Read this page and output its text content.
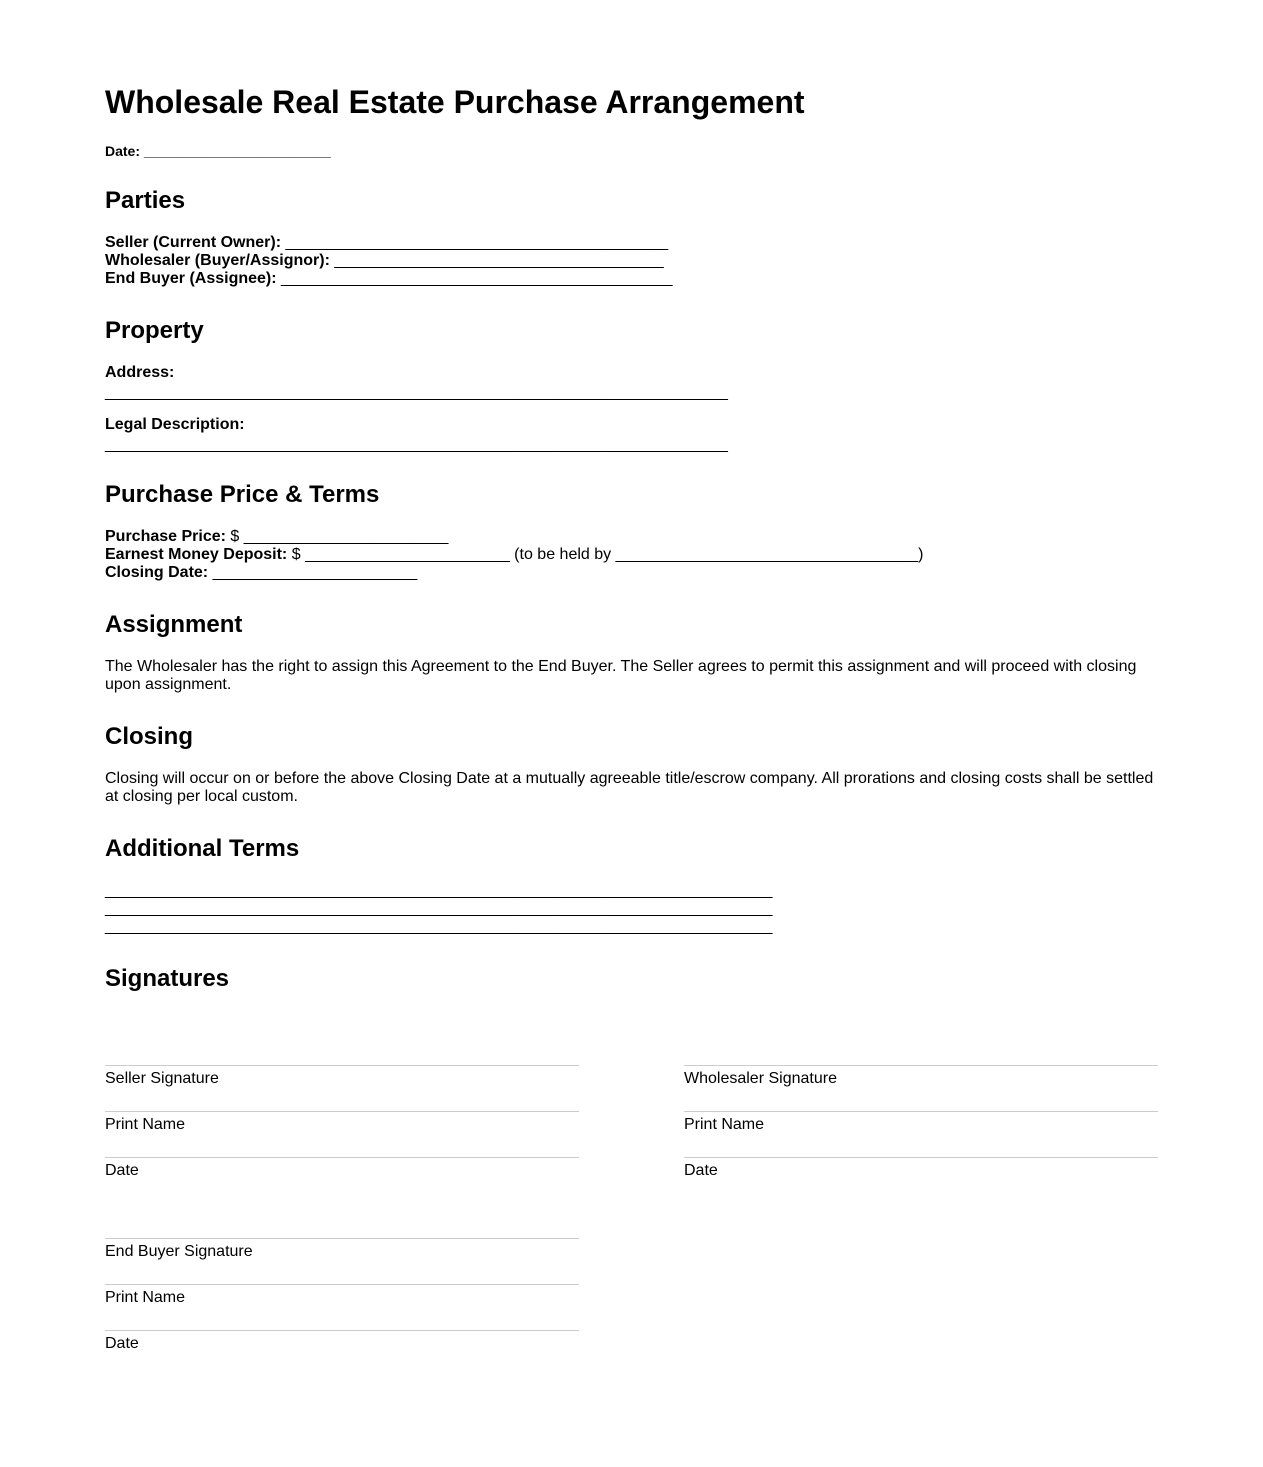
Wholesale Real Estate Purchase Arrangement
Date: ________________________
Parties
Seller (Current Owner): ___________________________________________
Wholesaler (Buyer/Assignor): _____________________________________
End Buyer (Assignee): ____________________________________________
Property
Address:
______________________________________________________________________
Legal Description:
______________________________________________________________________
Purchase Price & Terms
Purchase Price: $ _______________________
Earnest Money Deposit: $ _______________________ (to be held by __________________________________)
Closing Date: _______________________
Assignment

The Wholesaler has the right to assign this Agreement to the End Buyer. The Seller agrees to permit this assignment and will proceed with closing upon assignment.

Closing

Closing will occur on or before the above Closing Date at a mutually agreeable title/escrow company. All prorations and closing costs shall be settled at closing per local custom.

Additional Terms
___________________________________________________________________________
___________________________________________________________________________
___________________________________________________________________________
Signatures
Seller Signature
Print Name
Date
Wholesaler Signature
Print Name
Date
End Buyer Signature
Print Name
Date
